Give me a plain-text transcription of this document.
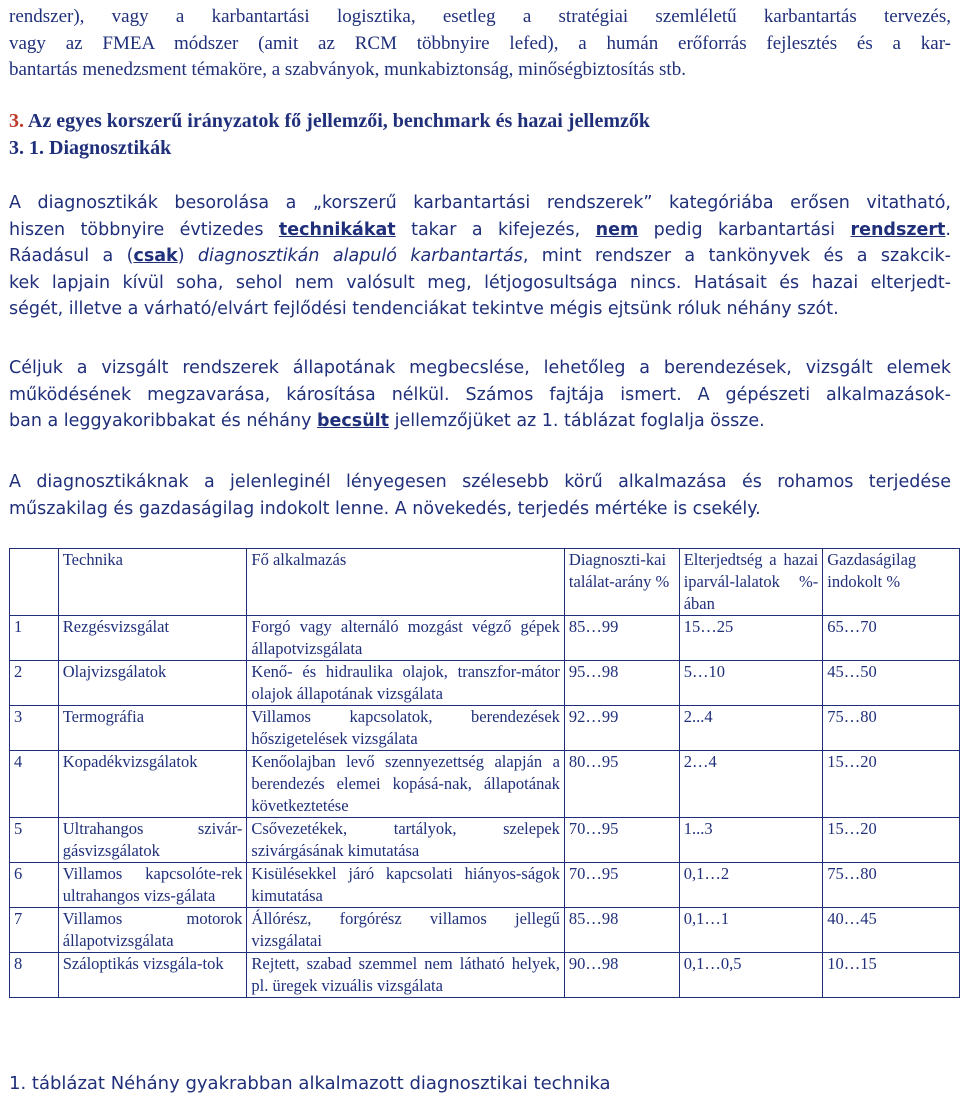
rendszer), vagy a karbantartási logisztika, esetleg a stratégiai szemléletű karbantartás tervezés,
vagy az FMEA módszer (amit az RCM többnyire lefed), a humán erőforrás fejlesztés és a kar-
bantartás menedzsment témaköre, a szabványok, munkabiztonság, minőségbiztosítás stb.
3. Az egyes korszerű irányzatok fő jellemzői, benchmark és hazai jellemzők
3. 1. Diagnosztikák
A diagnosztikák besorolása a „korszerű karbantartási rendszerek” kategóriába erősen vitatható,
hiszen többnyire évtizedes technikákat takar a kifejezés, nem pedig karbantartási rendszert.
Ráadásul a (csak) diagnosztikán alapuló karbantartás, mint rendszer a tankönyvek és a szakcik-
kek lapjain kívül soha, sehol nem valósult meg, létjogosultsága nincs. Hatásait és hazai elterjedt-
ségét, illetve a várható/elvárt fejlődési tendenciákat tekintve mégis ejtsünk róluk néhány szót.
Céljuk a vizsgált rendszerek állapotának megbecslése, lehetőleg a berendezések, vizsgált elemek
működésének megzavarása, károsítása nélkül. Számos fajtája ismert. A gépészeti alkalmazások-
ban a leggyakoribbakat és néhány becsült jellemzőjüket az 1. táblázat foglalja össze.
A diagnosztikáknak a jelenleginél lényegesen szélesebb körű alkalmazása és rohamos terjedése
műszakilag és gazdaságilag indokolt lenne. A növekedés, terjedés mértéke is csekély.
	Technika	Fő alkalmazás	Diagnoszti-kai találat-arány %	Elterjedtség a hazai iparvál-lalatok %-ában	Gazdaságilag indokolt %
1	Rezgésvizsgálat	Forgó vagy alternáló mozgást végző gépek állapotvizsgálata	85…99	15…25	65…70
2	Olajvizsgálatok	Kenő- és hidraulika olajok, transzfor-mátor olajok állapotának vizsgálata	95…98	5…10	45…50
3	Termográfia	Villamos kapcsolatok, berendezések hőszigetelések vizsgálata	92…99	2...4	75…80
4	Kopadékvizsgálatok	Kenőolajban levő szennyezettség alapján a berendezés elemei kopásá-nak, állapotának következtetése	80…95	2…4	15…20
5	Ultrahangos szivár-gásvizsgálatok	Csővezetékek, tartályok, szelepek szivárgásának kimutatása	70…95	1...3	15…20
6	Villamos kapcsolóte-rek ultrahangos vizs-gálata	Kisülésekkel járó kapcsolati hiányos-ságok kimutatása	70…95	0,1…2	75…80
7	Villamos motorok állapotvizsgálata	Állórész, forgórész villamos jellegű vizsgálatai	85…98	0,1…1	40…45
8	Száloptikás vizsgála-tok	Rejtett, szabad szemmel nem látható helyek, pl. üregek vizuális vizsgálata	90…98	0,1…0,5	10…15
1. táblázat Néhány gyakrabban alkalmazott diagnosztikai technika
